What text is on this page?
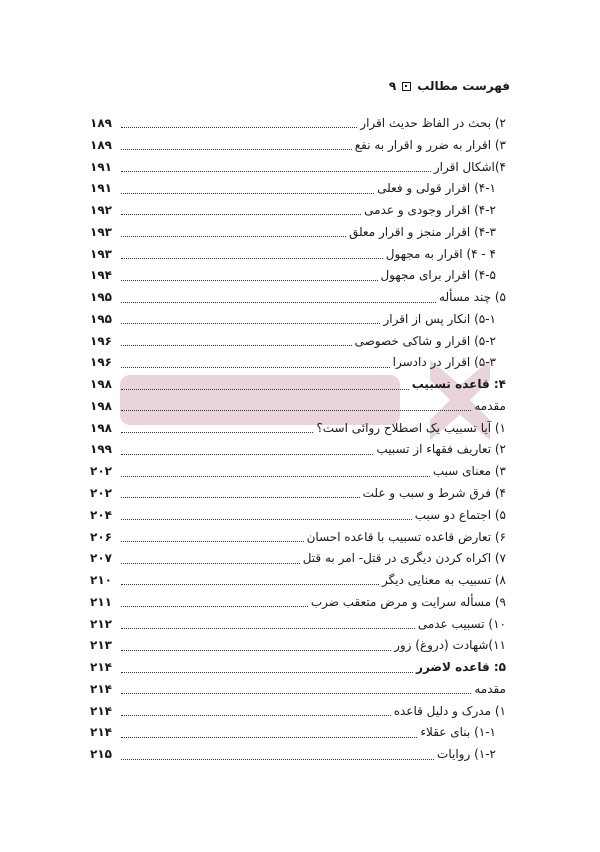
فهرست مطالب
۹
۲) بحث در الفاظ حدیث اقرار
۱۸۹
۳) اقرار به ضرر و اقرار به نفع
۱۸۹
۴)اشکال اقرار
۱۹۱
۴-۱) اقرار قولی و فعلی
۱۹۱
۴-۲) اقرار وجودی و عدمی
۱۹۲
۴-۳) اقرار منجز و اقرار معلق
۱۹۳
۴ - ۴) اقرار به مجهول
۱۹۳
۴-۵) اقرار برای مجهول
۱۹۴
۵) چند مسأله
۱۹۵
۵-۱) انکار پس از اقرار
۱۹۵
۵-۲) اقرار و شاکی خصوصی
۱۹۶
۵-۳) اقرار در دادسرا
۱۹۶
۴: قاعده تسبیب
۱۹۸
مقدمه
۱۹۸
۱) آیا تسبیب یک اصطلاح روائی است؟
۱۹۸
۲) تعاریف فقهاء از تسبیب
۱۹۹
۳) معنای سبب
۲۰۲
۴) فرق شرط و سبب و علت
۲۰۲
۵) اجتماع دو سبب
۲۰۴
۶) تعارض قاعده تسبیب با قاعده احسان
۲۰۶
۷) اکراه کردن دیگری در قتل- امر به قتل
۲۰۷
۸) تسبیب به معنایی دیگر
۲۱۰
۹) مسأله سرایت و مرض متعقب ضرب
۲۱۱
۱۰) تسبیب عدمی
۲۱۲
۱۱)شهادت (دروغ) زور
۲۱۳
۵: قاعده لاضرر
۲۱۴
مقدمه
۲۱۴
۱) مدرک و دلیل قاعده
۲۱۴
۱-۱) بنای عقلاء
۲۱۴
۱-۲) روایات
۲۱۵
